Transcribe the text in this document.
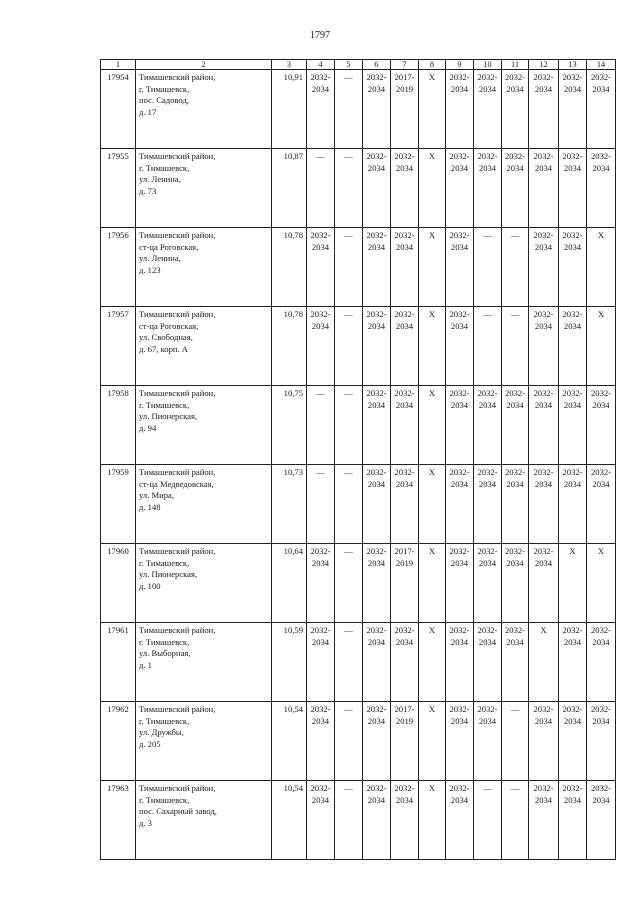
1797
1	2	3	4	5	6	7	8	9	10	11	12	13	14
17954	Тимашевский район,
г. Тимашевск,
пос. Садовод,
д. 17	10,91	2032-
2034	—	2032-
2034	2017-
2019	X	2032-
2034	2032-
2034	2032-
2034	2032-
2034	2032-
2034	2032-
2034

17955	Тимашевский район,
г. Тимашевск,
ул. Ленина,
д. 73	10,87	—	—	2032-
2034	2032-
2034	X	2032-
2034	2032-
2034	2032-
2034	2032-
2034	2032-
2034	2032-
2034

17956	Тимашевский район,
ст-ца Роговская,
ул. Ленина,
д. 123	10,78	2032-
2034	—	2032-
2034	2032-
2034	X	2032-
2034	—	—	2032-
2034	2032-
2034	X

17957	Тимашевский район,
ст-ца Роговская,
ул. Свободная,
д. 67, корп. А	10,78	2032-
2034	—	2032-
2034	2032-
2034	X	2032-
2034	—	—	2032-
2034	2032-
2034	X

17958	Тимашевский район,
г. Тимашевск,
ул. Пионерская,
д. 94	10,75	—	—	2032-
2034	2032-
2034	X	2032-
2034	2032-
2034	2032-
2034	2032-
2034	2032-
2034	2032-
2034

17959	Тимашевский район,
ст-ца Медведовская,
ул. Мира,
д. 148	10,73	—	—	2032-
2034	2032-
2034	X	2032-
2034	2032-
2034	2032-
2034	2032-
2034	2032-
2034	2032-
2034

17960	Тимашевский район,
г. Тимашевск,
ул. Пионерская,
д. 100	10,64	2032-
2034	—	2032-
2034	2017-
2019	X	2032-
2034	2032-
2034	2032-
2034	2032-
2034	X	X

17961	Тимашевский район,
г. Тимашевск,
ул. Выборная,
д. 1	10,59	2032-
2034	—	2032-
2034	2032-
2034	X	2032-
2034	2032-
2034	2032-
2034	X	2032-
2034	2032-
2034

17962	Тимашевский район,
г. Тимашевск,
ул. Дружбы,
д. 205	10,54	2032-
2034	—	2032-
2034	2017-
2019	X	2032-
2034	2032-
2034	—	2032-
2034	2032-
2034	2032-
2034

17963	Тимашевский район,
г. Тимашевск,
пос. Сахарный завод,
д. 3	10,54	2032-
2034	—	2032-
2034	2032-
2034	X	2032-
2034	—	—	2032-
2034	2032-
2034	2032-
2034
